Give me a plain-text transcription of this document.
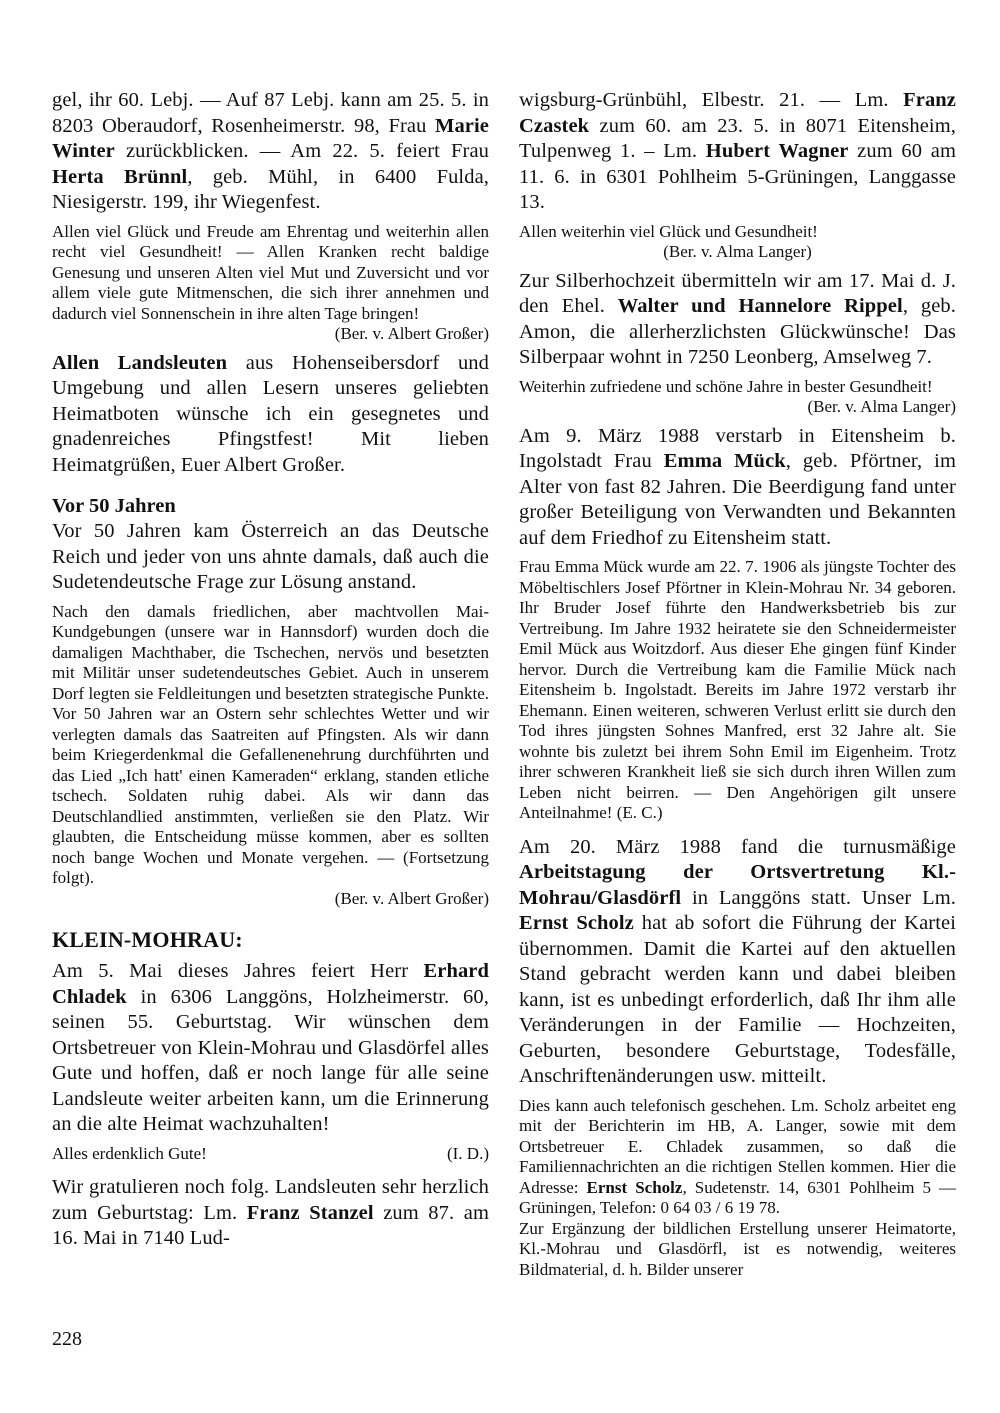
gel, ihr 60. Lebj. — Auf 87 Lebj. kann am 25. 5. in 8203 Oberaudorf, Rosenheimerstr. 98, Frau Marie Winter zurückblicken. — Am 22. 5. feiert Frau Herta Brünnl, geb. Mühl, in 6400 Fulda, Niesigerstr. 199, ihr Wiegenfest.

Allen viel Glück und Freude am Ehrentag und weiterhin allen recht viel Gesundheit! — Allen Kranken recht baldige Genesung und unseren Alten viel Mut und Zuversicht und vor allem viele gute Mitmenschen, die sich ihrer annehmen und dadurch viel Sonnenschein in ihre alten Tage bringen!

(Ber. v. Albert Großer)

Allen Landsleuten aus Hohenseibersdorf und Umgebung und allen Lesern unseres geliebten Heimatboten wünsche ich ein gesegnetes und gnadenreiches Pfingstfest! Mit lieben Heimatgrüßen, Euer Albert Großer.

Vor 50 Jahren

Vor 50 Jahren kam Österreich an das Deutsche Reich und jeder von uns ahnte damals, daß auch die Sudetendeutsche Frage zur Lösung anstand.

Nach den damals friedlichen, aber machtvollen Mai-Kundgebungen (unsere war in Hannsdorf) wurden doch die damaligen Machthaber, die Tschechen, nervös und besetzten mit Militär unser sudetendeutsches Gebiet. Auch in unserem Dorf legten sie Feldleitungen und besetzten strategische Punkte. Vor 50 Jahren war an Ostern sehr schlechtes Wetter und wir verlegten damals das Saatreiten auf Pfingsten. Als wir dann beim Kriegerdenkmal die Gefallenenehrung durchführten und das Lied „Ich hatt' einen Kameraden“ erklang, standen etliche tschech. Soldaten ruhig dabei. Als wir dann das Deutschlandlied anstimmten, verließen sie den Platz. Wir glaubten, die Entscheidung müsse kommen, aber es sollten noch bange Wochen und Monate vergehen. — (Fortsetzung folgt).

(Ber. v. Albert Großer)

KLEIN-MOHRAU:

Am 5. Mai dieses Jahres feiert Herr Erhard Chladek in 6306 Langgöns, Holzheimerstr. 60, seinen 55. Geburtstag. Wir wünschen dem Ortsbetreuer von Klein-Mohrau und Glasdörfel alles Gute und hoffen, daß er noch lange für alle seine Landsleute weiter arbeiten kann, um die Erinnerung an die alte Heimat wachzuhalten!

Alles erdenklich Gute!	(I. D.)

Wir gratulieren noch folg. Landsleuten sehr herzlich zum Geburtstag: Lm. Franz Stanzel zum 87. am 16. Mai in 7140 Lud-

wigsburg-Grünbühl, Elbestr. 21. — Lm. Franz Czastek zum 60. am 23. 5. in 8071 Eitensheim, Tulpenweg 1. – Lm. Hubert Wagner zum 60 am 11. 6. in 6301 Pohlheim 5-Grüningen, Langgasse 13.

Allen weiterhin viel Glück und Gesundheit!

(Ber. v. Alma Langer)

Zur Silberhochzeit übermitteln wir am 17. Mai d. J. den Ehel. Walter und Hannelore Rippel, geb. Amon, die allerherzlichsten Glückwünsche! Das Silberpaar wohnt in 7250 Leonberg, Amselweg 7.

Weiterhin zufriedene und schöne Jahre in bester Gesundheit!

(Ber. v. Alma Langer)

Am 9. März 1988 verstarb in Eitensheim b. Ingolstadt Frau Emma Mück, geb. Pförtner, im Alter von fast 82 Jahren. Die Beerdigung fand unter großer Beteiligung von Verwandten und Bekannten auf dem Friedhof zu Eitensheim statt.

Frau Emma Mück wurde am 22. 7. 1906 als jüngste Tochter des Möbeltischlers Josef Pförtner in Klein-Mohrau Nr. 34 geboren. Ihr Bruder Josef führte den Handwerksbetrieb bis zur Vertreibung. Im Jahre 1932 heiratete sie den Schneidermeister Emil Mück aus Woitzdorf. Aus dieser Ehe gingen fünf Kinder hervor. Durch die Vertreibung kam die Familie Mück nach Eitensheim b. Ingolstadt. Bereits im Jahre 1972 verstarb ihr Ehemann. Einen weiteren, schweren Verlust erlitt sie durch den Tod ihres jüngsten Sohnes Manfred, erst 32 Jahre alt. Sie wohnte bis zuletzt bei ihrem Sohn Emil im Eigenheim. Trotz ihrer schweren Krankheit ließ sie sich durch ihren Willen zum Leben nicht beirren. — Den Angehörigen gilt unsere Anteilnahme! (E. C.)

Am 20. März 1988 fand die turnusmäßige Arbeitstagung der Ortsvertretung Kl.-Mohrau/Glasdörfl in Langgöns statt. Unser Lm. Ernst Scholz hat ab sofort die Führung der Kartei übernommen. Damit die Kartei auf den aktuellen Stand gebracht werden kann und dabei bleiben kann, ist es unbedingt erforderlich, daß Ihr ihm alle Veränderungen in der Familie — Hochzeiten, Geburten, besondere Geburtstage, Todesfälle, Anschriftenänderungen usw. mitteilt.

Dies kann auch telefonisch geschehen. Lm. Scholz arbeitet eng mit der Berichterin im HB, A. Langer, sowie mit dem Ortsbetreuer E. Chladek zusammen, so daß die Familiennachrichten an die richtigen Stellen kommen. Hier die Adresse: Ernst Scholz, Sudetenstr. 14, 6301 Pohlheim 5 — Grüningen, Telefon: 0 64 03 / 6 19 78.

Zur Ergänzung der bildlichen Erstellung unserer Heimatorte, Kl.-Mohrau und Glasdörfl, ist es notwendig, weiteres Bildmaterial, d. h. Bilder unserer

228
